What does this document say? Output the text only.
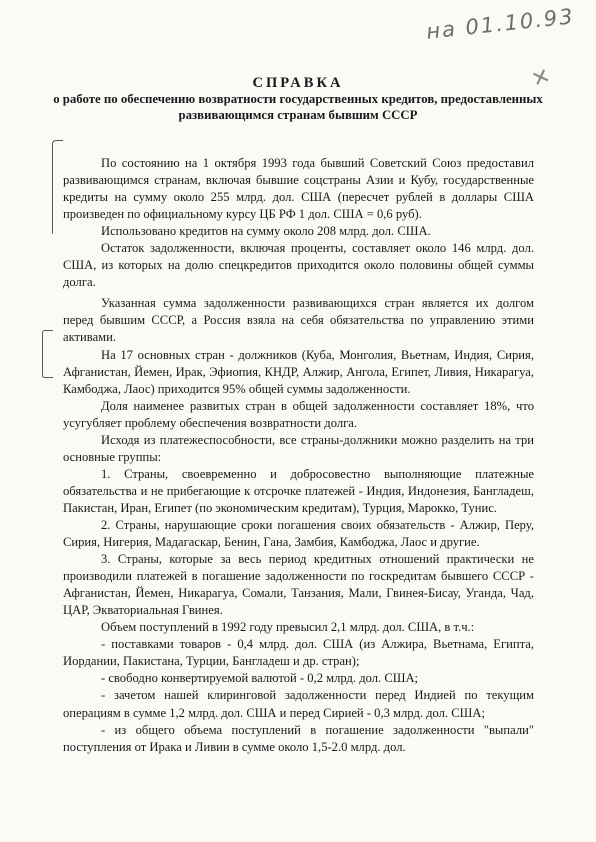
на 01.10.93
✕
СПРАВКА
о работе по обеспечению возвратности государственных кредитов, предоставленных развивающимся странам бывшим СССР

По состоянию на 1 октября 1993 года бывший Советский Союз предоставил развивающимся странам, включая бывшие соцстраны Азии и Кубу, государственные кредиты на сумму около 255 млрд. дол. США (пересчет рублей в доллары США произведен по официальному курсу ЦБ РФ 1 дол. США = 0,6 руб).

Использовано кредитов на сумму около 208 млрд. дол. США.

Остаток задолженности, включая проценты, составляет около 146 млрд. дол. США, из которых на долю спецкредитов приходится около половины общей суммы долга.

Указанная сумма задолженности развивающихся стран является их долгом перед бывшим СССР, а Россия взяла на себя обязательства по управлению этими активами.

На 17 основных стран - должников (Куба, Монголия, Вьетнам, Индия, Сирия, Афганистан, Йемен, Ирак, Эфиопия, КНДР, Алжир, Ангола, Египет, Ливия, Никарагуа, Камбоджа, Лаос) приходится 95% общей суммы задолженности.

Доля наименее развитых стран в общей задолженности составляет 18%, что усугубляет проблему обеспечения возвратности долга.

Исходя из платежеспособности, все страны-должники можно разделить на три основные группы:

1. Страны, своевременно и добросовестно выполняющие платежные обязательства и не прибегающие к отсрочке платежей - Индия, Индонезия, Бангладеш, Пакистан, Иран, Египет (по экономическим кредитам), Турция, Марокко, Тунис.

2. Страны, нарушающие сроки погашения своих обязательств - Алжир, Перу, Сирия, Нигерия, Мадагаскар, Бенин, Гана, Замбия, Камбоджа, Лаос и другие.

3. Страны, которые за весь период кредитных отношений практически не производили платежей в погашение задолженности по госкредитам бывшего СССР - Афганистан, Йемен, Никарагуа, Сомали, Танзания, Мали, Гвинея-Бисау, Уганда, Чад, ЦАР, Экваториальная Гвинея.

Объем поступлений в 1992 году превысил 2,1 млрд. дол. США, в т.ч.:

- поставками товаров - 0,4 млрд. дол. США (из Алжира, Вьетнама, Египта, Иордании, Пакистана, Турции, Бангладеш и др. стран);

- свободно конвертируемой валютой - 0,2 млрд. дол. США;

- зачетом нашей клиринговой задолженности перед Индией по текущим операциям в сумме 1,2 млрд. дол. США и перед Сирией - 0,3 млрд. дол. США;

- из общего объема поступлений в погашение задолженности "выпали" поступления от Ирака и Ливии в сумме около 1,5-2.0 млрд. дол.
